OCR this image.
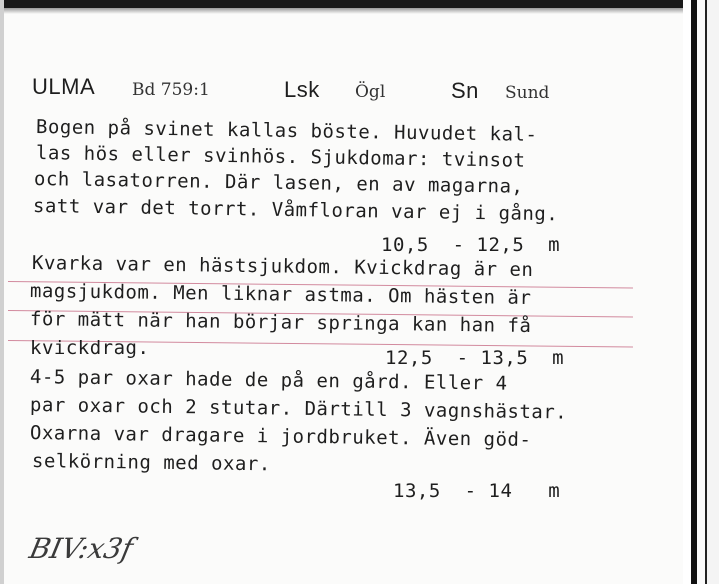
ULMA Bd 759:1	Lsk Ögl	Sn Sund
Bogen på svinet kallas böste. Huvudet kal-
las hös eller svinhös. Sjukdomar: tvinsot
och lasatorren. Där lasen, en av magarna,
satt var det torrt. Våmfloran var ej i gång.
10,5  - 12,5  m
Kvarka var en hästsjukdom. Kvickdrag är en
magsjukdom. Men liknar astma. Om hästen är
för mätt när han börjar springa kan han få
kvickdrag.	12,5  - 13,5  m
4-5 par oxar hade de på en gård. Eller 4
par oxar och 2 stutar. Därtill 3 vagnshästar.
Oxarna var dragare i jordbruket. Även göd-
selkörning med oxar.
13,5  - 14   m
BIV:x3f
